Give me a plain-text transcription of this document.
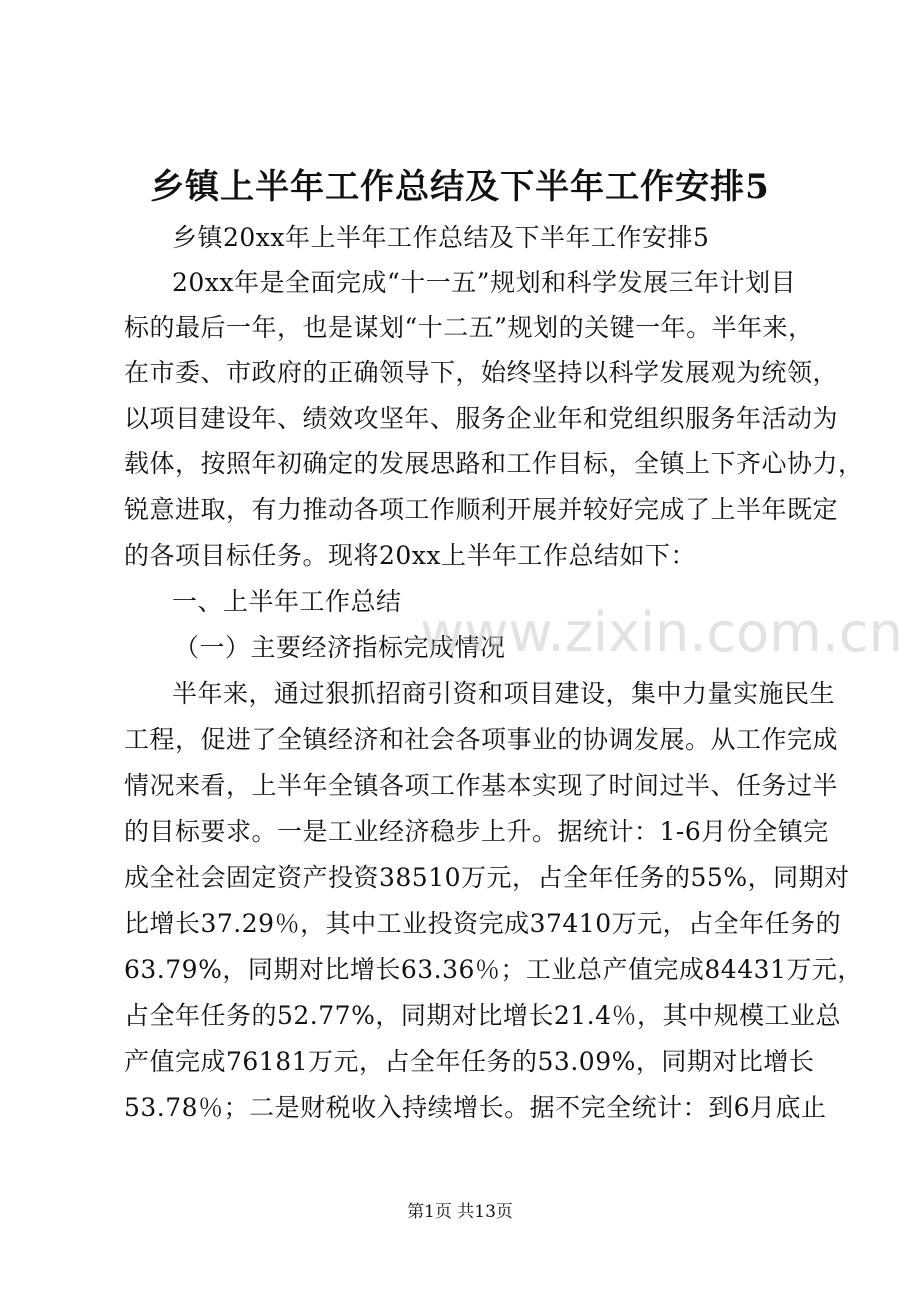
乡镇上半年工作总结及下半年工作安排5
乡镇20xx年上半年工作总结及下半年工作安排5
20xx年是全面完成“十一五”规划和科学发展三年计划目
标的最后一年，也是谋划“十二五”规划的关键一年。半年来，
在市委、市政府的正确领导下，始终坚持以科学发展观为统领，
以项目建设年、绩效攻坚年、服务企业年和党组织服务年活动为
载体，按照年初确定的发展思路和工作目标，全镇上下齐心协力，
锐意进取，有力推动各项工作顺利开展并较好完成了上半年既定
的各项目标任务。现将20xx上半年工作总结如下：
一、上半年工作总结
（一）主要经济指标完成情况
半年来，通过狠抓招商引资和项目建设，集中力量实施民生
工程，促进了全镇经济和社会各项事业的协调发展。从工作完成
情况来看，上半年全镇各项工作基本实现了时间过半、任务过半
的目标要求。一是工业经济稳步上升。据统计：1-6月份全镇完
成全社会固定资产投资38510万元，占全年任务的55%，同期对
比增长37.29％，其中工业投资完成37410万元，占全年任务的
63.79%，同期对比增长63.36％；工业总产值完成84431万元，
占全年任务的52.77%，同期对比增长21.4％，其中规模工业总
产值完成76181万元，占全年任务的53.09%，同期对比增长
53.78％；二是财税收入持续增长。据不完全统计：到6月底止
www.zixin.com.cn
第1页 共13页
